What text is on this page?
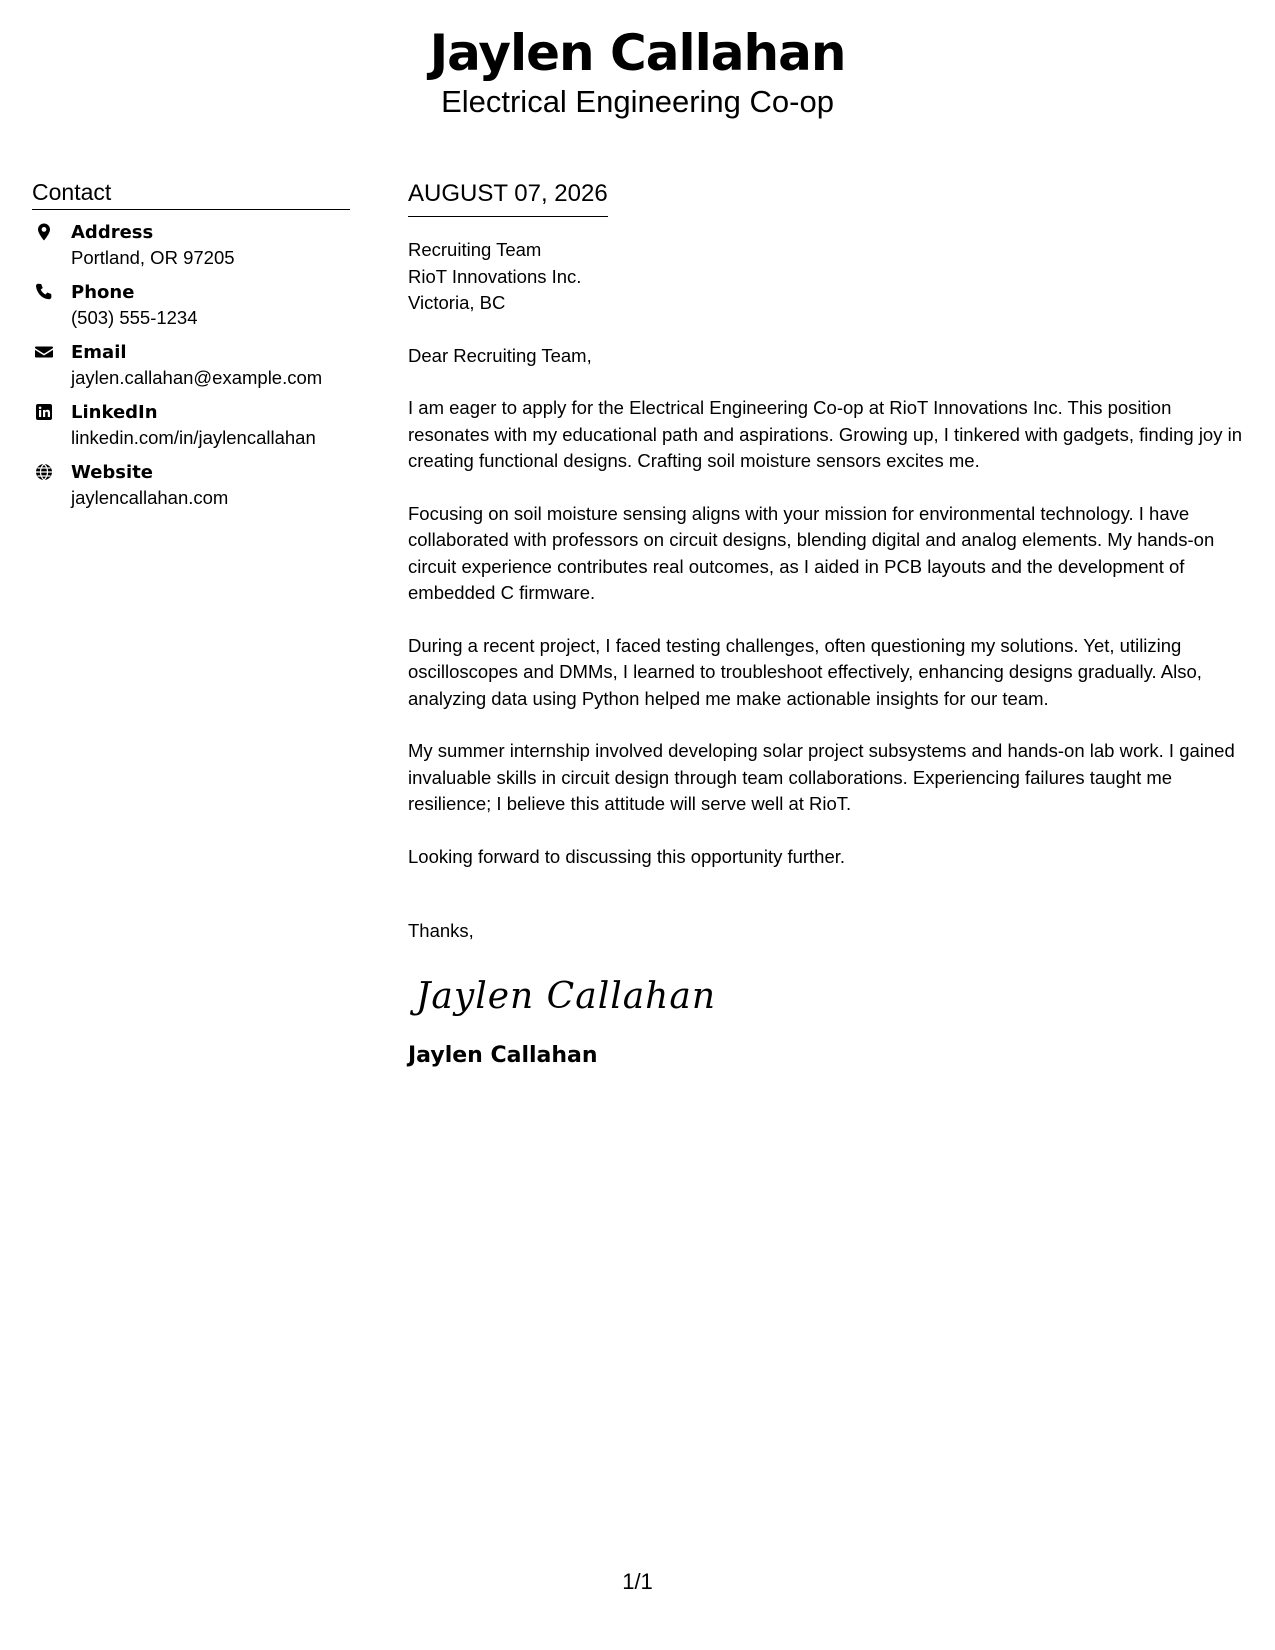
Jaylen Callahan
Electrical Engineering Co-op
Contact
Address
Portland, OR 97205
Phone
(503) 555-1234
Email
jaylen.callahan@example.com
LinkedIn
linkedin.com/in/jaylencallahan
Website
jaylencallahan.com
AUGUST 07, 2026
Recruiting Team
RioT Innovations Inc.
Victoria, BC
Dear Recruiting Team,

I am eager to apply for the Electrical Engineering Co-op at RioT Innovations Inc. This position resonates with my educational path and aspirations. Growing up, I tinkered with gadgets, finding joy in creating functional designs. Crafting soil moisture sensors excites me.

Focusing on soil moisture sensing aligns with your mission for environmental technology. I have collaborated with professors on circuit designs, blending digital and analog elements. My hands-on circuit experience contributes real outcomes, as I aided in PCB layouts and the development of embedded C firmware.

During a recent project, I faced testing challenges, often questioning my solutions. Yet, utilizing oscilloscopes and DMMs, I learned to troubleshoot effectively, enhancing designs gradually. Also, analyzing data using Python helped me make actionable insights for our team.

My summer internship involved developing solar project subsystems and hands-on lab work. I gained invaluable skills in circuit design through team collaborations. Experiencing failures taught me resilience; I believe this attitude will serve well at RioT.

Looking forward to discussing this opportunity further.

Thanks,
Jaylen Callahan
Jaylen Callahan
1/1
